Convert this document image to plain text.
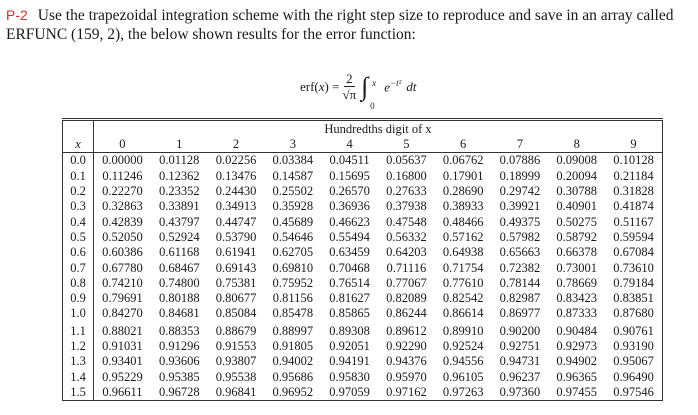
P-2 Use the trapezoidal integration scheme with the right step size to reproduce and save in an array called ERFUNC (159, 2), the below shown results for the error function:
$erf(x) = \frac{2}{√\pi}$ ∫ x
0
$e^{-t^2}$ dt
	Hundredths digit of x									
x	0	1	2	3	4	5	6	7	8	9
0.0	0.00000	0.01128	0.02256	0.03384	0.04511	0.05637	0.06762	0.07886	0.09008	0.10128
0.1	0.11246	0.12362	0.13476	0.14587	0.15695	0.16800	0.17901	0.18999	0.20094	0.21184
0.2	0.22270	0.23352	0.24430	0.25502	0.26570	0.27633	0.28690	0.29742	0.30788	0.31828
0.3	0.32863	0.33891	0.34913	0.35928	0.36936	0.37938	0.38933	0.39921	0.40901	0.41874
0.4	0.42839	0.43797	0.44747	0.45689	0.46623	0.47548	0.48466	0.49375	0.50275	0.51167
0.5	0.52050	0.52924	0.53790	0.54646	0.55494	0.56332	0.57162	0.57982	0.58792	0.59594
0.6	0.60386	0.61168	0.61941	0.62705	0.63459	0.64203	0.64938	0.65663	0.66378	0.67084
0.7	0.67780	0.68467	0.69143	0.69810	0.70468	0.71116	0.71754	0.72382	0.73001	0.73610
0.8	0.74210	0.74800	0.75381	0.75952	0.76514	0.77067	0.77610	0.78144	0.78669	0.79184
0.9	0.79691	0.80188	0.80677	0.81156	0.81627	0.82089	0.82542	0.82987	0.83423	0.83851
1.0	0.84270	0.84681	0.85084	0.85478	0.85865	0.86244	0.86614	0.86977	0.87333	0.87680
1.1	0.88021	0.88353	0.88679	0.88997	0.89308	0.89612	0.89910	0.90200	0.90484	0.90761
1.2	0.91031	0.91296	0.91553	0.91805	0.92051	0.92290	0.92524	0.92751	0.92973	0.93190
1.3	0.93401	0.93606	0.93807	0.94002	0.94191	0.94376	0.94556	0.94731	0.94902	0.95067
1.4	0.95229	0.95385	0.95538	0.95686	0.95830	0.95970	0.96105	0.96237	0.96365	0.96490
1.5	0.96611	0.96728	0.96841	0.96952	0.97059	0.97162	0.97263	0.97360	0.97455	0.97546
